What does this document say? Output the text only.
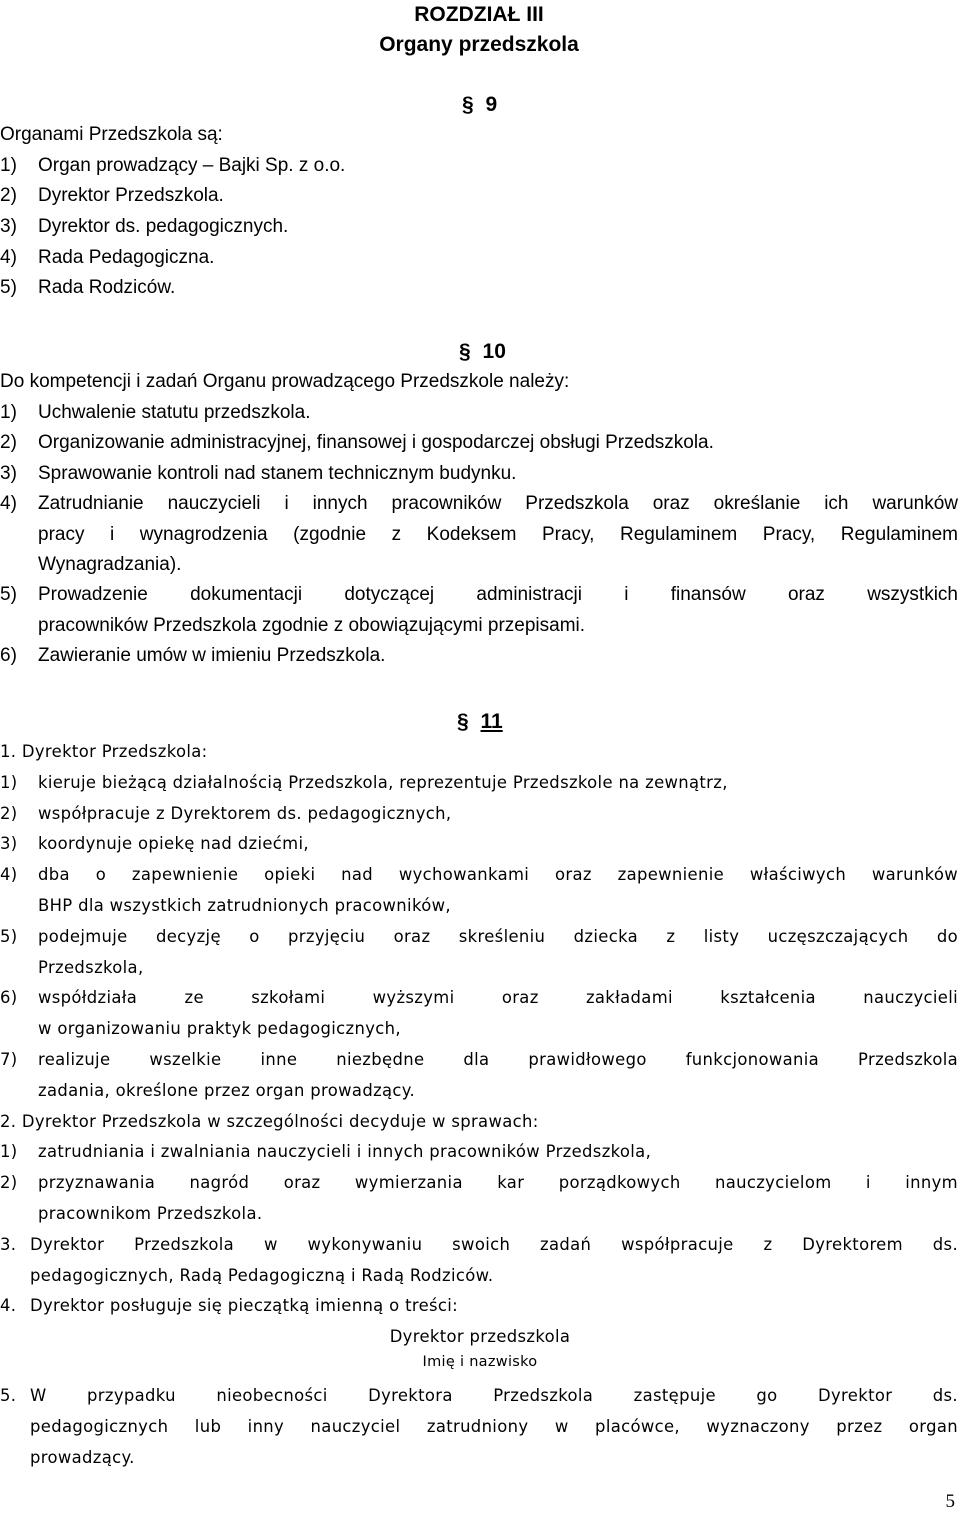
ROZDZIAŁ III
Organy przedszkola
§ 9
Organami Przedszkola są:
1) Organ prowadzący – Bajki Sp. z o.o.
2) Dyrektor Przedszkola.
3) Dyrektor ds. pedagogicznych.
4) Rada Pedagogiczna.
5) Rada Rodziców.
§ 10
Do kompetencji i zadań Organu prowadzącego Przedszkole należy:
1) Uchwalenie statutu przedszkola.
2) Organizowanie administracyjnej, finansowej i gospodarczej obsługi Przedszkola.
3) Sprawowanie kontroli nad stanem technicznym budynku.
4) Zatrudnianie nauczycieli i innych pracowników Przedszkola oraz określanie ich warunków
pracy i wynagrodzenia (zgodnie z Kodeksem Pracy, Regulaminem Pracy, Regulaminem
Wynagradzania).
5) Prowadzenie dokumentacji dotyczącej administracji i finansów oraz wszystkich
pracowników Przedszkola zgodnie z obowiązującymi przepisami.
6) Zawieranie umów w imieniu Przedszkola.
§ 11
1. Dyrektor Przedszkola:
1) kieruje bieżącą działalnością Przedszkola, reprezentuje Przedszkole na zewnątrz,
2) współpracuje z Dyrektorem ds. pedagogicznych,
3) koordynuje opiekę nad dziećmi,
4) dba o zapewnienie opieki nad wychowankami oraz zapewnienie właściwych warunków
BHP dla wszystkich zatrudnionych pracowników,
5) podejmuje decyzję o przyjęciu oraz skreśleniu dziecka z listy uczęszczających do
Przedszkola,
6) współdziała ze szkołami wyższymi oraz zakładami kształcenia nauczycieli
w organizowaniu praktyk pedagogicznych,
7) realizuje wszelkie inne niezbędne dla prawidłowego funkcjonowania Przedszkola
zadania, określone przez organ prowadzący.
2. Dyrektor Przedszkola w szczególności decyduje w sprawach:
1) zatrudniania i zwalniania nauczycieli i innych pracowników Przedszkola,
2) przyznawania nagród oraz wymierzania kar porządkowych nauczycielom i innym
pracownikom Przedszkola.
3. Dyrektor Przedszkola w wykonywaniu swoich zadań współpracuje z Dyrektorem ds.
pedagogicznych, Radą Pedagogiczną i Radą Rodziców.
4. Dyrektor posługuje się pieczątką imienną o treści:
Dyrektor przedszkola
Imię i nazwisko
5. W przypadku nieobecności Dyrektora Przedszkola zastępuje go Dyrektor ds.
pedagogicznych lub inny nauczyciel zatrudniony w placówce, wyznaczony przez organ
prowadzący.
5
